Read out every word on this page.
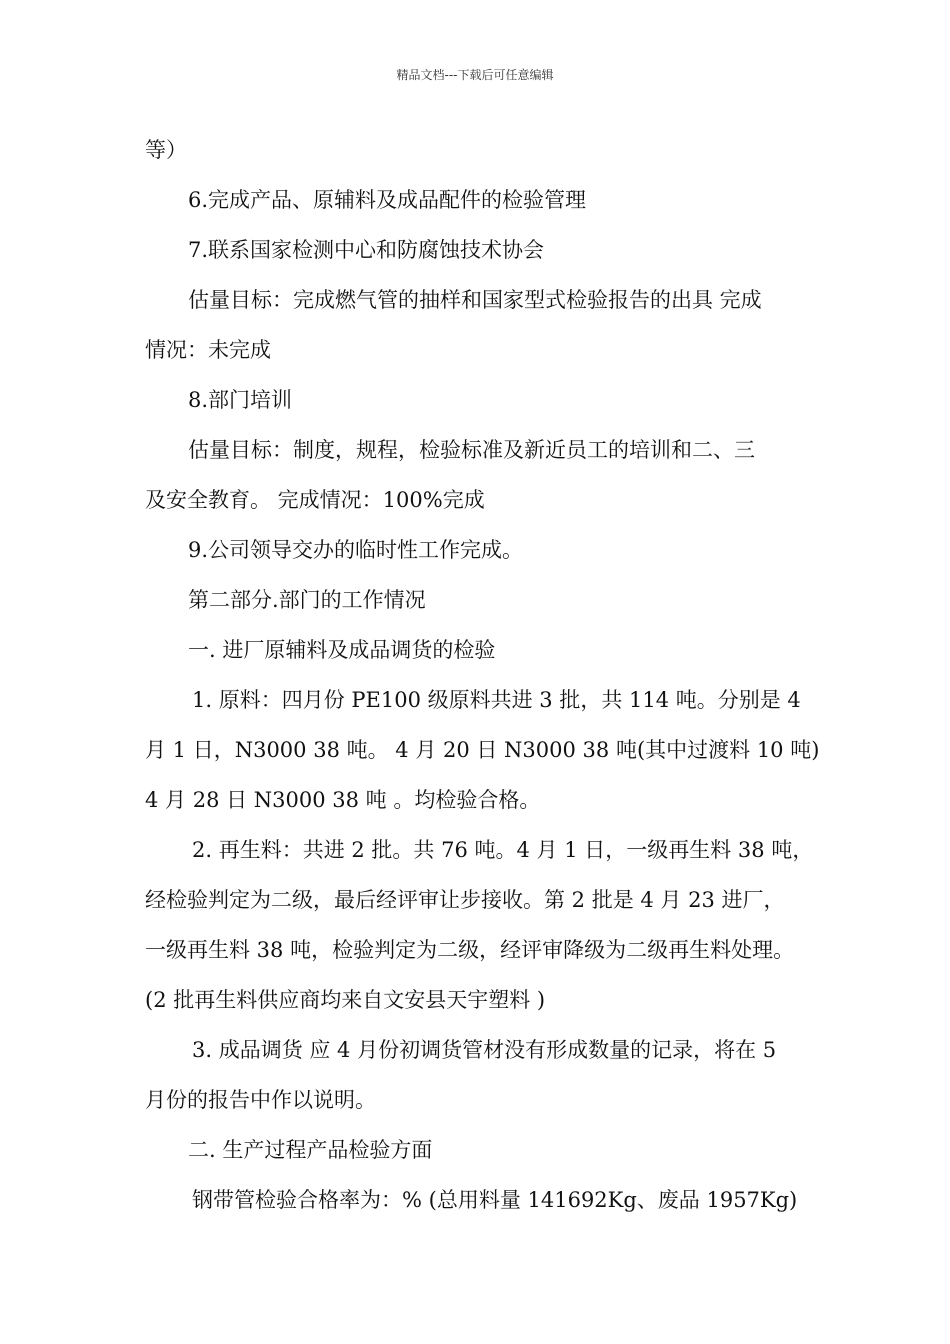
精品文档---下载后可任意编辑
等）
6.完成产品、原辅料及成品配件的检验管理
7.联系国家检测中心和防腐蚀技术协会
估量目标：完成燃气管的抽样和国家型式检验报告的出具 完成
情况：未完成
8.部门培训
估量目标：制度，规程，检验标准及新近员工的培训和二、三
及安全教育。 完成情况：100%完成
9.公司领导交办的临时性工作完成。
第二部分.部门的工作情况
一. 进厂原辅料及成品调货的检验
1. 原料：四月份 PE100 级原料共进 3 批，共 114 吨。分别是 4
月 1 日，N3000 38 吨。 4 月 20 日 N3000 38 吨(其中过渡料 10 吨)
4 月 28 日 N3000 38 吨 。均检验合格。
2. 再生料：共进 2 批。共 76 吨。4 月 1 日，一级再生料 38 吨，
经检验判定为二级，最后经评审让步接收。第 2 批是 4 月 23 进厂，
一级再生料 38 吨，检验判定为二级，经评审降级为二级再生料处理。
(2 批再生料供应商均来自文安县天宇塑料 )
3. 成品调货 应 4 月份初调货管材没有形成数量的记录，将在 5
月份的报告中作以说明。
二. 生产过程产品检验方面
钢带管检验合格率为：% (总用料量 141692Kg、废品 1957Kg)
